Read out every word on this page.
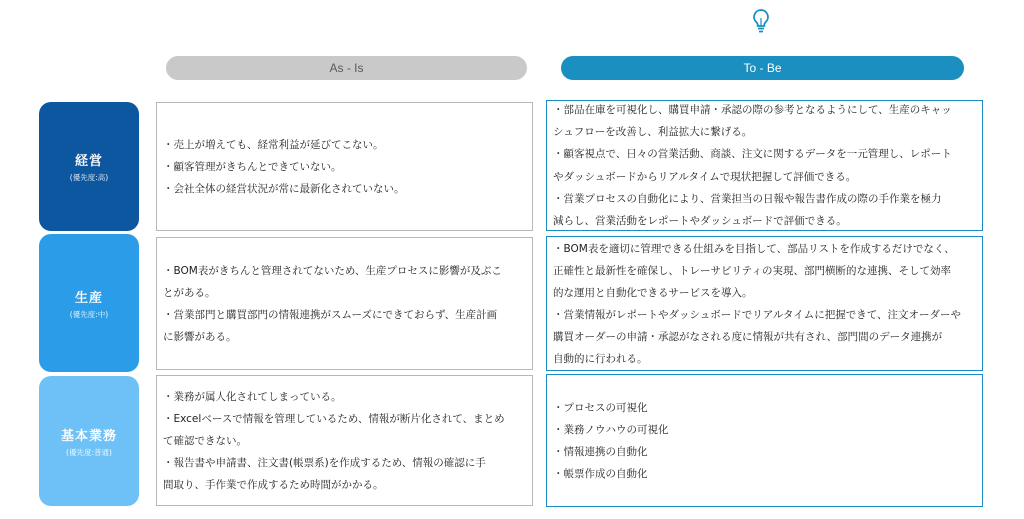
As - Is	To - Be
経営
(優先度:高)
・売上が増えても、経常利益が延びてこない。
・顧客管理がきちんとできていない。
・会社全体の経営状況が常に最新化されていない。
・部品在庫を可視化し、購買申請・承認の際の参考となるようにして、生産のキャッ
シュフローを改善し、利益拡大に繋げる。
・顧客視点で、日々の営業活動、商談、注文に関するデータを一元管理し、レポート
やダッシュボードからリアルタイムで現状把握して評価できる。
・営業プロセスの自動化により、営業担当の日報や報告書作成の際の手作業を極力
減らし、営業活動をレポートやダッシュボードで評価できる。
生産
(優先度:中)
・BOM表がきちんと管理されてないため、生産プロセスに影響が及ぶこ
とがある。
・営業部門と購買部門の情報連携がスムーズにできておらず、生産計画
に影響がある。
・BOM表を適切に管理できる仕組みを目指して、部品リストを作成するだけでなく、
正確性と最新性を確保し、トレーサビリティの実現、部門横断的な連携、そして効率
的な運用と自動化できるサービスを導入。
・営業情報がレポートやダッシュボードでリアルタイムに把握できて、注文オーダーや
購買オーダーの申請・承認がなされる度に情報が共有され、部門間のデータ連携が
自動的に行われる。
基本業務
(優先度:普通)
・業務が属人化されてしまっている。
・Excelベースで情報を管理しているため、情報が断片化されて、まとめ
て確認できない。
・報告書や申請書、注文書(帳票系)を作成するため、情報の確認に手
間取り、手作業で作成するため時間がかかる。
・プロセスの可視化
・業務ノウハウの可視化
・情報連携の自動化
・帳票作成の自動化
